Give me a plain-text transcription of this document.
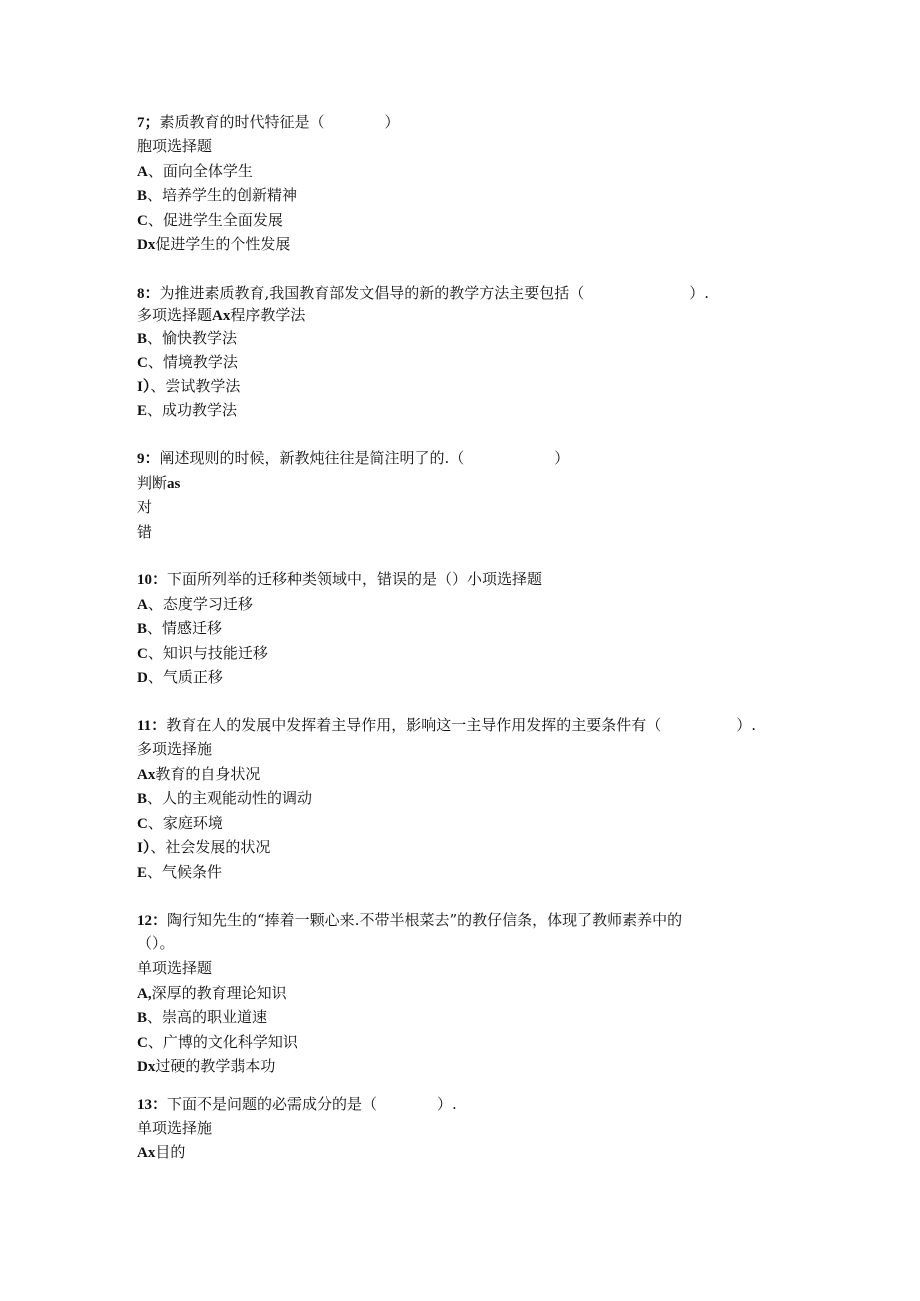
7；素质教育的时代特征是（　　　　）
胞项选择题
A、面向全体学生
B、培养学生的创新精神
C、促进学生全面发展
Dx促进学生的个性发展
8：为推进素质教育,我国教育部发文倡导的新的教学方法主要包括（　　　　　　　）.
多项选择题Ax程序教学法
B、愉快教学法
C、情境教学法
I）、尝试教学法
E、成功教学法
9：阐述现则的时候，新教炖往往是简注明了的.（　　　　　　）
判断as
对
错
10：下面所列举的迁移种类领域中，错误的是（）小项选择题
A、态度学习迁移
B、情感迁移
C、知识与技能迁移
D、气质正移
11：教育在人的发展中发挥着主导作用，影响这一主导作用发挥的主要条件有（　　　　　）.
多项选择施
Ax教育的自身状况
B、人的主观能动性的调动
C、家庭环境
I）、社会发展的状况
E、气候条件
12：陶行知先生的“捧着一颗心来.不带半根菜去”的教仔信条，体现了教师素养中的
（）。
单项选择题
A,深厚的教育理论知识
B、崇高的职业道速
C、广博的文化科学知识
Dx过硬的教学翡本功
13：下面不是问题的必需成分的是（　　　　）.
单项选择施
Ax目的
